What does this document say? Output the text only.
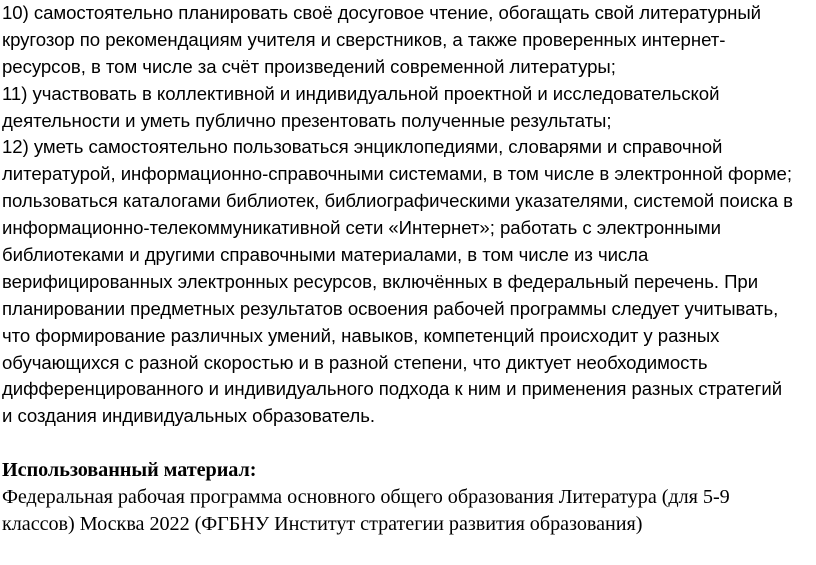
10) самостоятельно планировать своё досуговое чтение, обогащать свой литературный
кругозор по рекомендациям учителя и сверстников, а также проверенных интернет-
ресурсов, в том числе за счёт произведений современной литературы;
11) участвовать в коллективной и индивидуальной проектной и исследовательской
деятельности и уметь публично презентовать полученные результаты;
12) уметь самостоятельно пользоваться энциклопедиями, словарями и справочной
литературой, информационно-справочными системами, в том числе в электронной форме;
пользоваться каталогами библиотек, библиографическими указателями, системой поиска в
информационно-телекоммуникативной сети «Интернет»; работать с электронными
библиотеками и другими справочными материалами, в том числе из числа
верифицированных электронных ресурсов, включённых в федеральный перечень. При
планировании предметных результатов освоения рабочей программы следует учитывать,
что формирование различных умений, навыков, компетенций происходит у разных
обучающихся с разной скоростью и в разной степени, что диктует необходимость
дифференцированного и индивидуального подхода к ним и применения разных стратегий
и создания индивидуальных образователь.
Использованный материал:
Федеральная рабочая программа основного общего образования Литература (для 5-9
классов) Москва 2022 (ФГБНУ Институт стратегии развития образования)
